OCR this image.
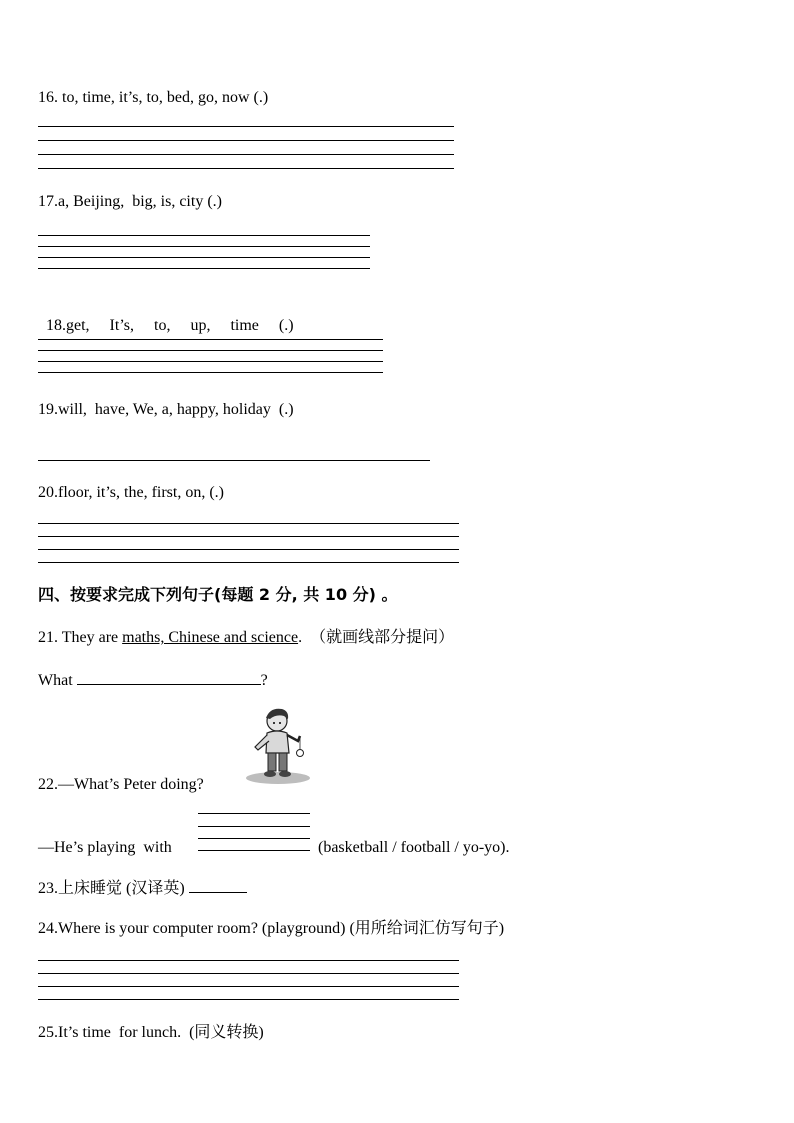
16. to, time, it’s, to, bed, go, now (.)
17.a, Beijing,  big, is, city (.)

18.get, It’s, to, up, time (.)

19.will,  have, We, a, happy, holiday  (.)
20.floor, it’s, the, first, on, (.)
四、按要求完成下列句子(每题 2 分, 共 10 分) 。
21. They are maths, Chinese and science.  （就画线部分提问）
What	?
22.—What’s Peter doing?
—He’s playing  with	(basketball / football / yo-yo).
23.上床睡觉 (汉译英)
24.Where is your computer room? (playground) (用所给词汇仿写句子)
25.It’s time  for lunch.  (同义转换)
